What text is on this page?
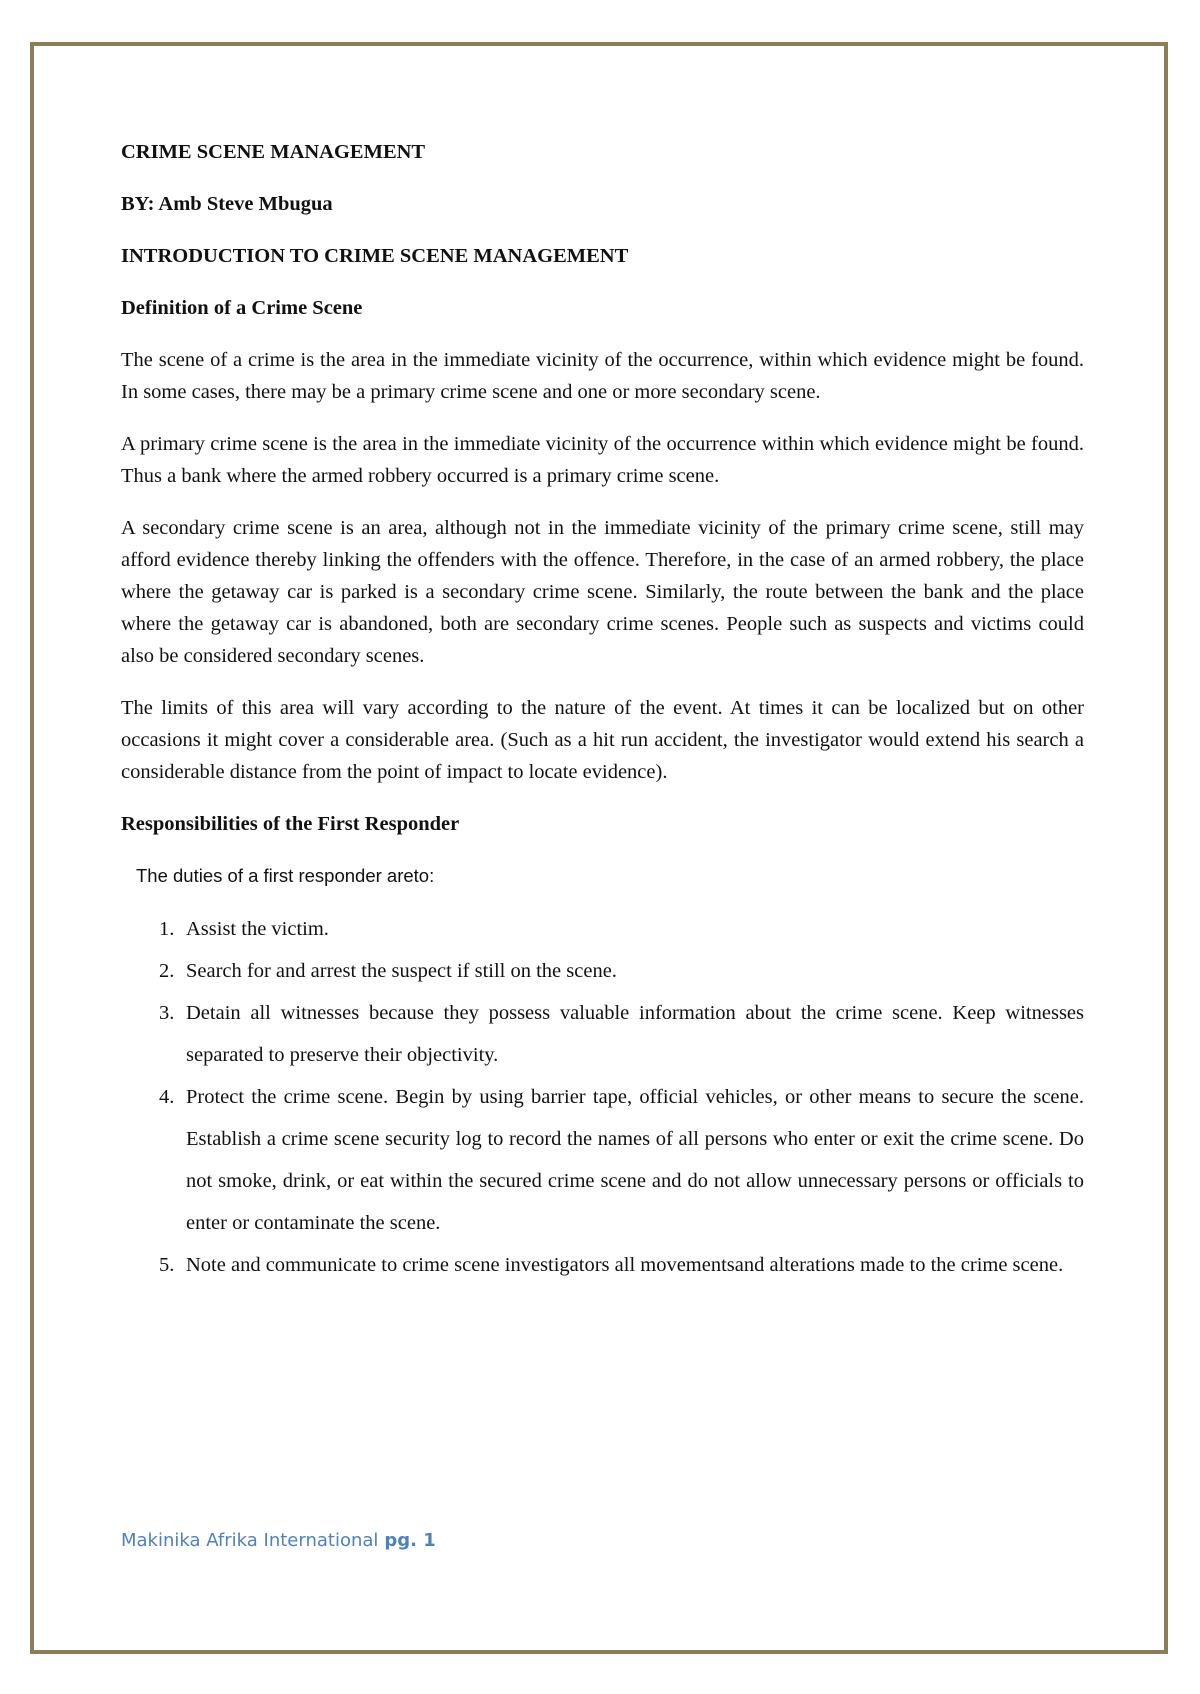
CRIME SCENE MANAGEMENT

BY: Amb Steve Mbugua

INTRODUCTION TO CRIME SCENE MANAGEMENT

Definition of a Crime Scene

The scene of a crime is the area in the immediate vicinity of the occurrence, within which evidence might be found. In some cases, there may be a primary crime scene and one or more secondary scene.

A primary crime scene is the area in the immediate vicinity of the occurrence within which evidence might be found. Thus a bank where the armed robbery occurred is a primary crime scene.

A secondary crime scene is an area, although not in the immediate vicinity of the primary crime scene, still may afford evidence thereby linking the offenders with the offence. Therefore, in the case of an armed robbery, the place where the getaway car is parked is a secondary crime scene. Similarly, the route between the bank and the place where the getaway car is abandoned, both are secondary crime scenes. People such as suspects and victims could also be considered secondary scenes.

The limits of this area will vary according to the nature of the event. At times it can be localized but on other occasions it might cover a considerable area. (Such as a hit run accident, the investigator would extend his search a considerable distance from the point of impact to locate evidence).

Responsibilities of the First Responder

The duties of a first responder areto:

1. Assist the victim.
2. Search for and arrest the suspect if still on the scene.
3. Detain all witnesses because they possess valuable information about the crime scene. Keep witnesses separated to preserve their objectivity.
4. Protect the crime scene. Begin by using barrier tape, official vehicles, or other means to secure the scene. Establish a crime scene security log to record the names of all persons who enter or exit the crime scene. Do not smoke, drink, or eat within the secured crime scene and do not allow unnecessary persons or officials to enter or contaminate the scene.
5. Note and communicate to crime scene investigators all movementsand alterations made to the crime scene.
Makinika Afrika International pg. 1
